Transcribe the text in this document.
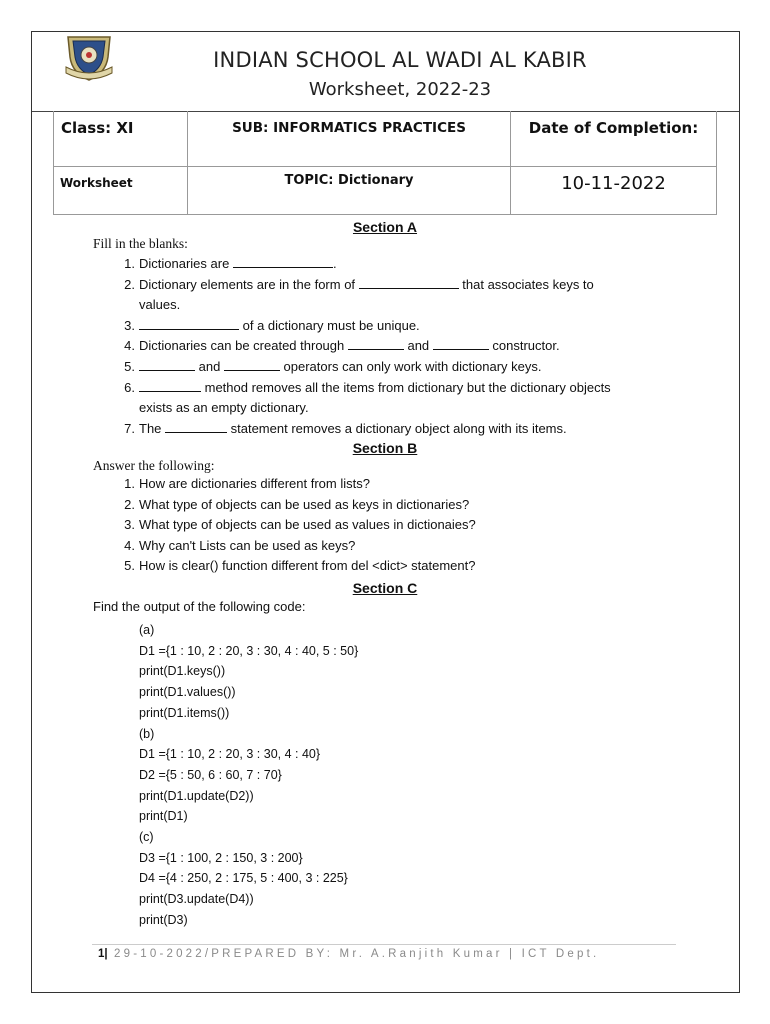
INDIAN SCHOOL AL WADI AL KABIR
Worksheet, 2022-23
Class: XI	SUB: INFORMATICS PRACTICES	Date of Completion:

Worksheet	TOPIC: Dictionary	10-11-2022
Section A
Fill in the blanks:
1. Dictionaries are	.
2. Dictionary elements are in the form of	that associates keys to
values.
3.	of a dictionary must be unique.
4. Dictionaries can be created through	and	constructor.
5.	and	operators can only work with dictionary keys.
6.	method removes all the items from dictionary but the dictionary objects
exists as an empty dictionary.
7. The	statement removes a dictionary object along with its items.
Section B
Answer the following:
1. How are dictionaries different from lists?
2. What type of objects can be used as keys in dictionaries?
3. What type of objects can be used as values in dictionaies?
4. Why can't Lists can be used as keys?
5. How is clear() function different from del <dict> statement?
Section C
Find the output of the following code:
(a)
D1 ={1 : 10, 2 : 20, 3 : 30, 4 : 40, 5 : 50}
print(D1.keys())
print(D1.values())
print(D1.items())
(b)
D1 ={1 : 10, 2 : 20, 3 : 30, 4 : 40}
D2 ={5 : 50, 6 : 60, 7 : 70}
print(D1.update(D2))
print(D1)
(c)
D3 ={1 : 100, 2 : 150, 3 : 200}
D4 ={4 : 250, 2 : 175, 5 : 400, 3 : 225}
print(D3.update(D4))
print(D3)
1| 29-10-2022/PREPARED BY: Mr. A.Ranjith Kumar | ICT Dept.
